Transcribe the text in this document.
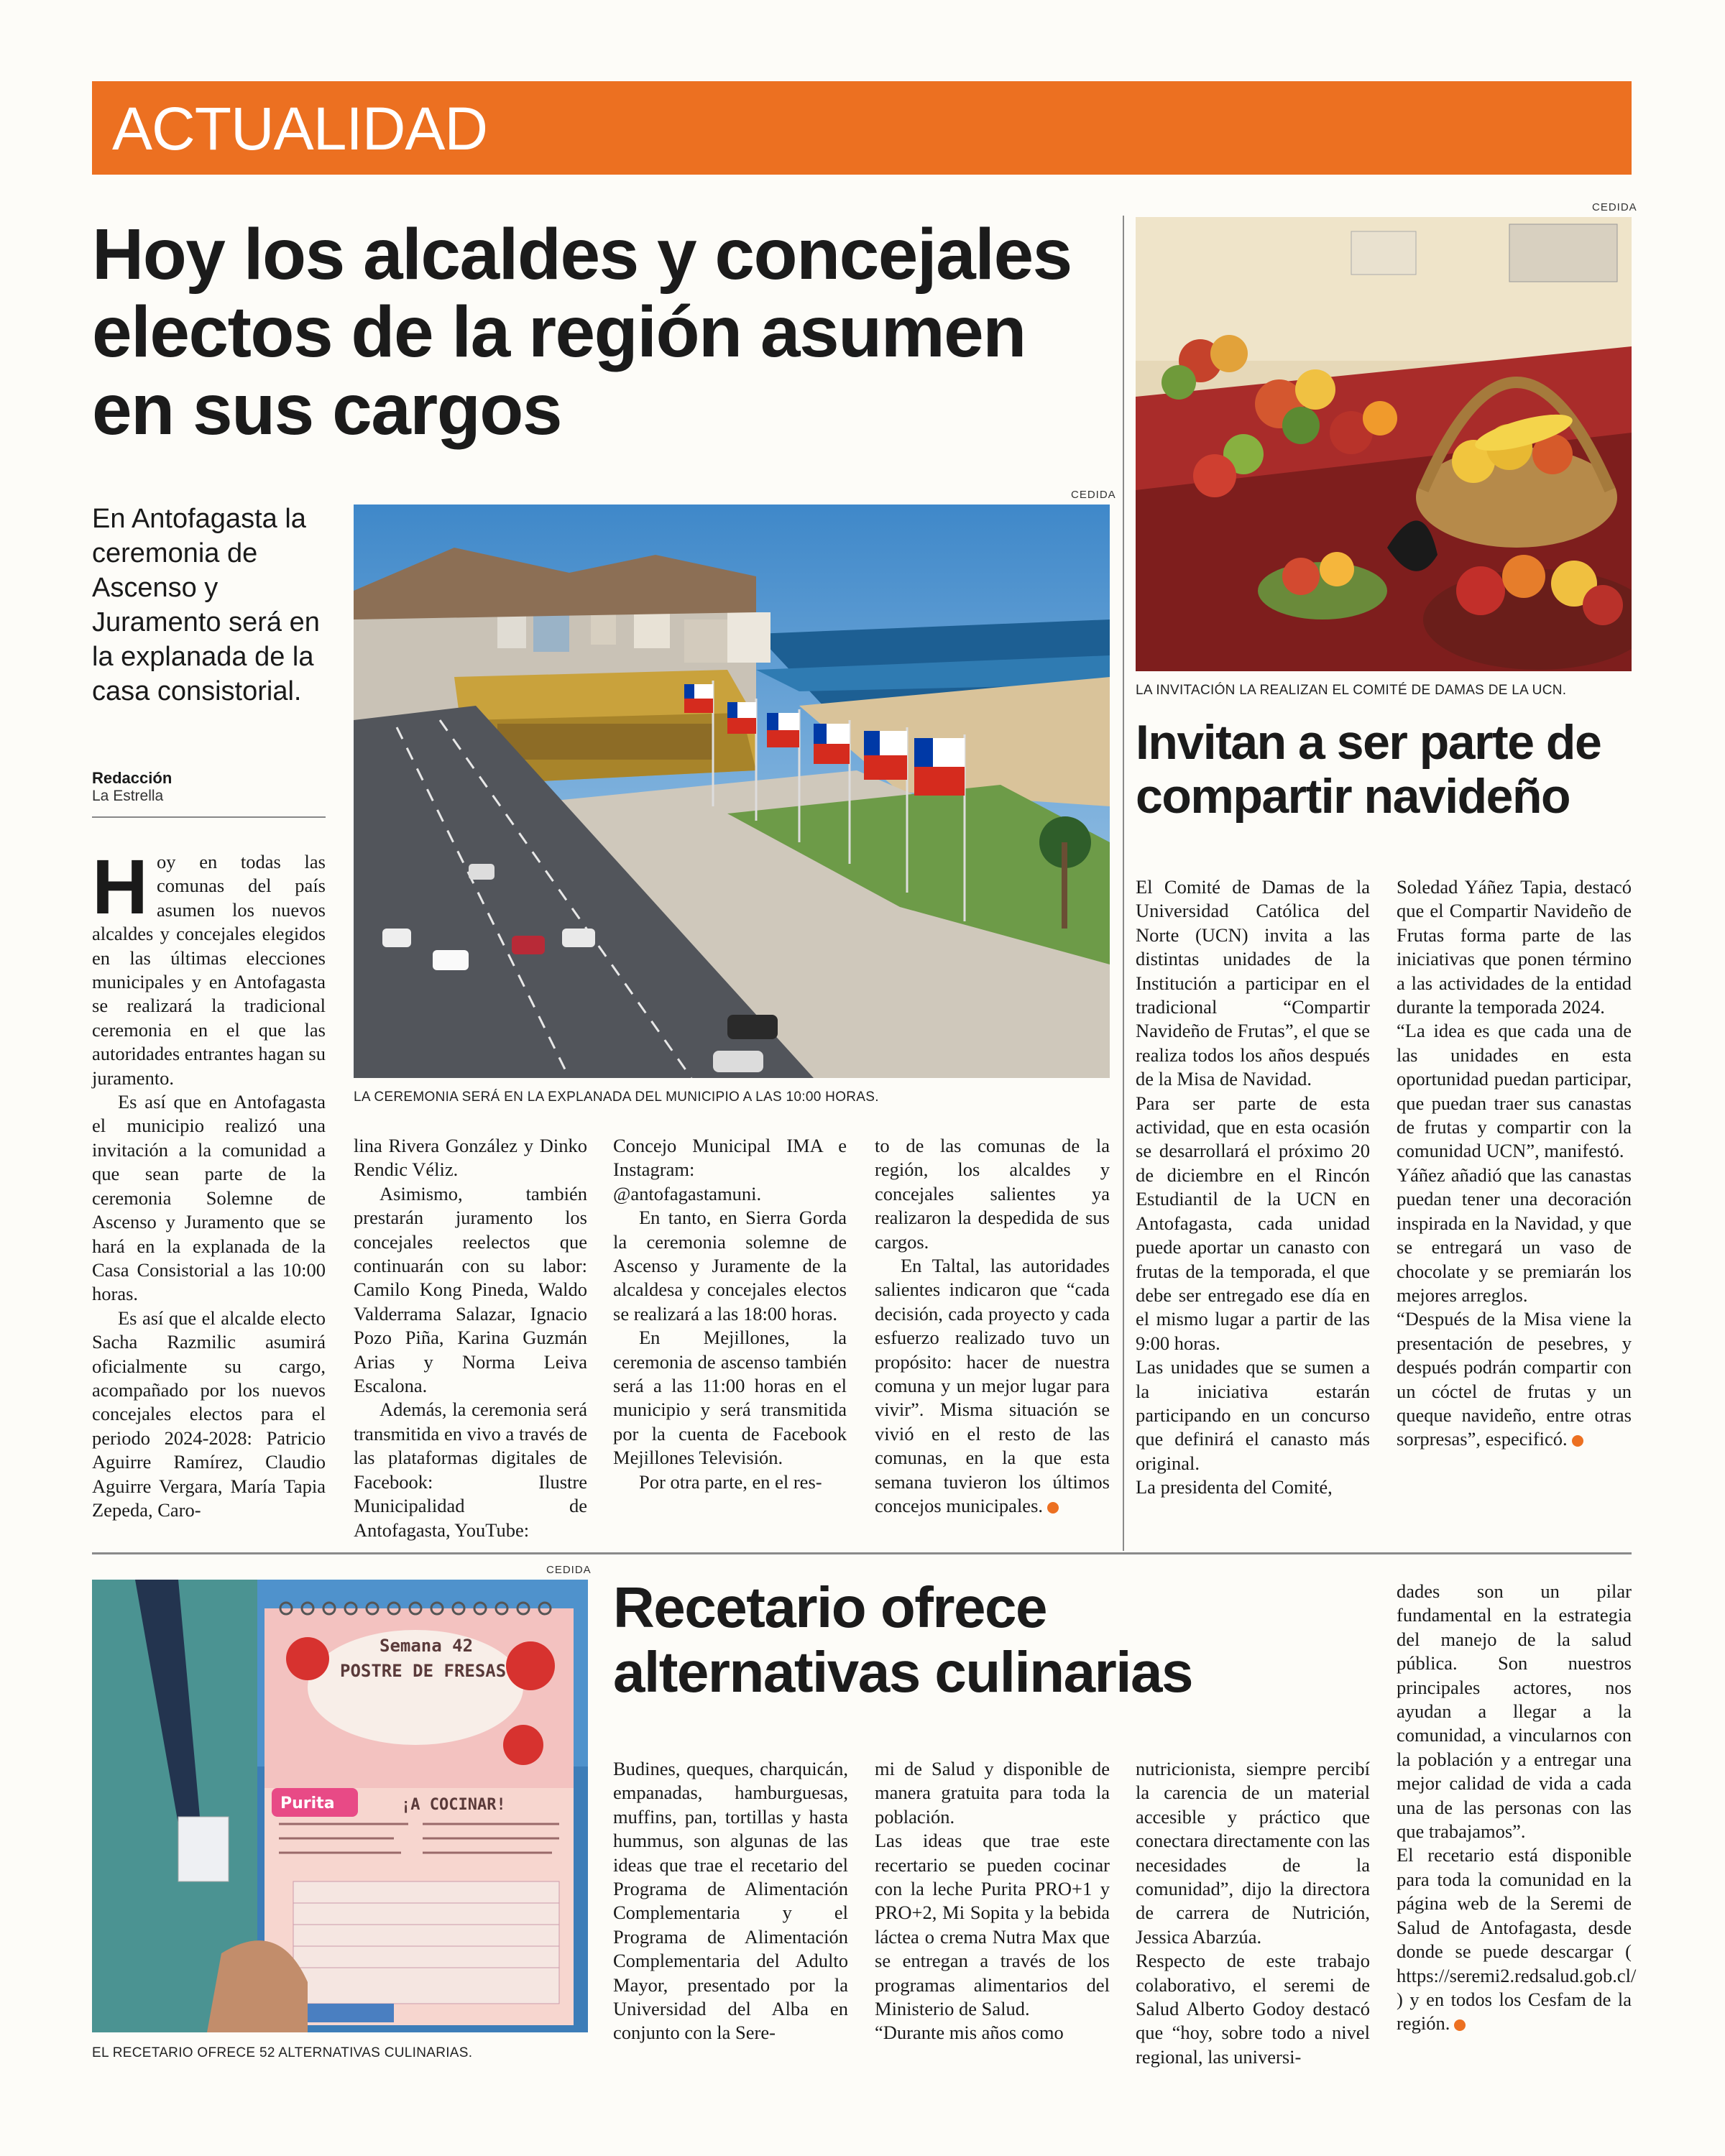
ACTUALIDAD
Hoy los alcaldes y concejales electos de la región asumen en sus cargos
En Antofagasta la ceremonia de Ascenso y Juramento será en la explanada de la casa consistorial.
Redacción
La Estrella
CEDIDA
LA CEREMONIA SERÁ EN LA EXPLANADA DEL MUNICIPIO A LAS 10:00 HORAS.

Hoy en todas las comunas del país asumen los nuevos alcaldes y concejales elegidos en las últimas elecciones municipales y en Antofagasta se realizará la tradicional ceremonia en el que las autoridades entrantes hagan su juramento.

Es así que en Antofagasta el municipio realizó una invitación a la comunidad a que sean parte de la ceremonia Solemne de Ascenso y Juramento que se hará en la explanada de la Casa Consistorial a las 10:00 horas.

Es así que el alcalde electo Sacha Razmilic asumirá oficialmente su cargo, acompañado por los nuevos concejales electos para el periodo 2024-2028: Patricio Aguirre Ramírez, Claudio Aguirre Vergara, María Tapia Zepeda, Caro-

lina Rivera González y Dinko Rendic Véliz.

Asimismo, también prestarán juramento los concejales reelectos que continuarán con su labor: Camilo Kong Pineda, Waldo Valderrama Salazar, Ignacio Pozo Piña, Karina Guzmán Arias y Norma Leiva Escalona.

Además, la ceremonia será transmitida en vivo a través de las plataformas digitales de Facebook: Ilustre Municipalidad de Antofagasta, YouTube:

Concejo Municipal IMA e Instagram: @antofagastamuni.

En tanto, en Sierra Gorda la ceremonia solemne de Ascenso y Juramente de la alcaldesa y concejales electos se realizará a las 18:00 horas.

En Mejillones, la ceremonia de ascenso también será a las 11:00 horas en el municipio y será transmitida por la cuenta de Facebook Mejillones Televisión.

Por otra parte, en el res-

to de las comunas de la región, los alcaldes y concejales salientes ya realizaron la despedida de sus cargos.

En Taltal, las autoridades salientes indicaron que “cada decisión, cada proyecto y cada esfuerzo realizado tuvo un propósito: hacer de nuestra comuna y un mejor lugar para vivir”. Misma situación se vivió en el resto de las comunas, en la que esta semana tuvieron los últimos concejos municipales.

CEDIDA
LA INVITACIÓN LA REALIZAN EL COMITÉ DE DAMAS DE LA UCN.
Invitan a ser parte de compartir navideño

El Comité de Damas de la Universidad Católica del Norte (UCN) invita a las distintas unidades de la Institución a participar en el tradicional “Compartir Navideño de Frutas”, el que se realiza todos los años después de la Misa de Navidad.

Para ser parte de esta actividad, que en esta ocasión se desarrollará el próximo 20 de diciembre en el Rincón Estudiantil de la UCN en Antofagasta, cada unidad puede aportar un canasto con frutas de la temporada, el que debe ser entregado ese día en el mismo lugar a partir de las 9:00 horas.

Las unidades que se sumen a la iniciativa estarán participando en un concurso que definirá el canasto más original.

La presidenta del Comité,

Soledad Yáñez Tapia, destacó que el Compartir Navideño de Frutas forma parte de las iniciativas que ponen término a las actividades de la entidad durante la temporada 2024.

“La idea es que cada una de las unidades en esta oportunidad puedan participar, que puedan traer sus canastas de frutas y compartir con la comunidad UCN”, manifestó.

Yáñez añadió que las canastas puedan tener una decoración inspirada en la Navidad, y que se entregará un vaso de chocolate y se premiarán los mejores arreglos.

“Después de la Misa viene la presentación de pesebres, y después podrán compartir con un cóctel de frutas y un queque navideño, entre otras sorpresas”, especificó.

CEDIDA
Semana 42
POSTRE DE FRESAS
¡A COCINAR!
Purita
EL RECETARIO OFRECE 52 ALTERNATIVAS CULINARIAS.
Recetario ofrece alternativas culinarias

Budines, queques, charquicán, empanadas, hamburguesas, muffins, pan, tortillas y hasta hummus, son algunas de las ideas que trae el recetario del Programa de Alimentación Complementaria y el Programa de Alimentación Complementaria del Adulto Mayor, presentado por la Universidad del Alba en conjunto con la Sere-

mi de Salud y disponible de manera gratuita para toda la población.

Las ideas que trae este recertario se pueden cocinar con la leche Purita PRO+1 y PRO+2, Mi Sopita y la bebida láctea o crema Nutra Max que se entregan a través de los programas alimentarios del Ministerio de Salud.

“Durante mis años como

nutricionista, siempre percibí la carencia de un material accesible y práctico que conectara directamente con las necesidades de la comunidad”, dijo la directora de carrera de Nutrición, Jessica Abarzúa.

Respecto de este trabajo colaborativo, el seremi de Salud Alberto Godoy destacó que “hoy, sobre todo a nivel regional, las universi-

dades son un pilar fundamental en la estrategia del manejo de la salud pública. Son nuestros principales actores, nos ayudan a llegar a la comunidad, a vincularnos con la población y a entregar una mejor calidad de vida a cada una de las personas con las que trabajamos”.

El recetario está disponible para toda la comunidad en la página web de la Seremi de Salud de Antofagasta, desde donde se puede descargar ( https://seremi2.redsalud.gob.cl/ ) y en todos los Cesfam de la región.
